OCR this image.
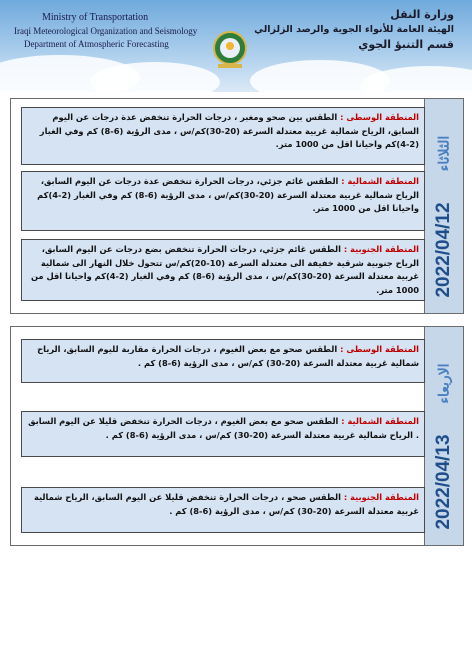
Ministry of Transportation
Iraqi Meteorological Organization and Seismology
Department of Atmospheric Forecasting
وزارة النقل
الهيئة العامة للأنواء الجوية والرصد الزلزالي
قسم التنبؤ الجوي
الثلاثاء
2022/04/12
المنطقة الوسطى : الطقس بين صحو ومغبر ، درجات الحرارة تنخفض عدة درجات عن اليوم السابق، الرياح شمالية غربية معتدلة السرعة (20-30)كم/س ، مدى الرؤية (6-8) كم وفي الغبار (2-4)كم واحيانا اقل من 1000 متر.
المنطقة الشمالية : الطقس غائم جزئي، درجات الحرارة تنخفض عدة درجات عن اليوم السابق، الرياح شمالية غربية معتدلة السرعة (20-30)كم/س ، مدى الرؤية (6-8) كم وفي الغبار (2-4)كم واحيانا اقل من 1000 متر.
المنطقة الجنوبية : الطقس غائم جزئي، درجات الحرارة تنخفض بضع درجات عن اليوم السابق، الرياح جنوبية شرقية خفيفة الى معتدلة السرعة (10-20)كم/س تتحول خلال النهار الى شمالية غربية معتدلة السرعة (20-30)كم/س ، مدى الرؤية (6-8) كم وفي الغبار (2-4)كم واحيانا اقل من 1000 متر.
الاربعاء
2022/04/13
المنطقة الوسطى : الطقس صحو مع بعض الغيوم ، درجات الحرارة مقاربة لليوم السابق، الرياح شمالية غربية معتدلة السرعة (20-30) كم/س ، مدى الرؤية (6-8) كم .
المنطقة الشمالية : الطقس صحو مع بعض الغيوم ، درجات الحرارة تنخفض قليلا عن اليوم السابق . الرياح شمالية غربية معتدلة السرعة (20-30) كم/س ، مدى الرؤية (6-8) كم .
المنطقة الجنوبية : الطقس صحو ، درجات الحرارة تنخفض قليلا عن اليوم السابق، الرياح شمالية غربية معتدلة السرعة (20-30) كم/س ، مدى الرؤية (6-8) كم .
